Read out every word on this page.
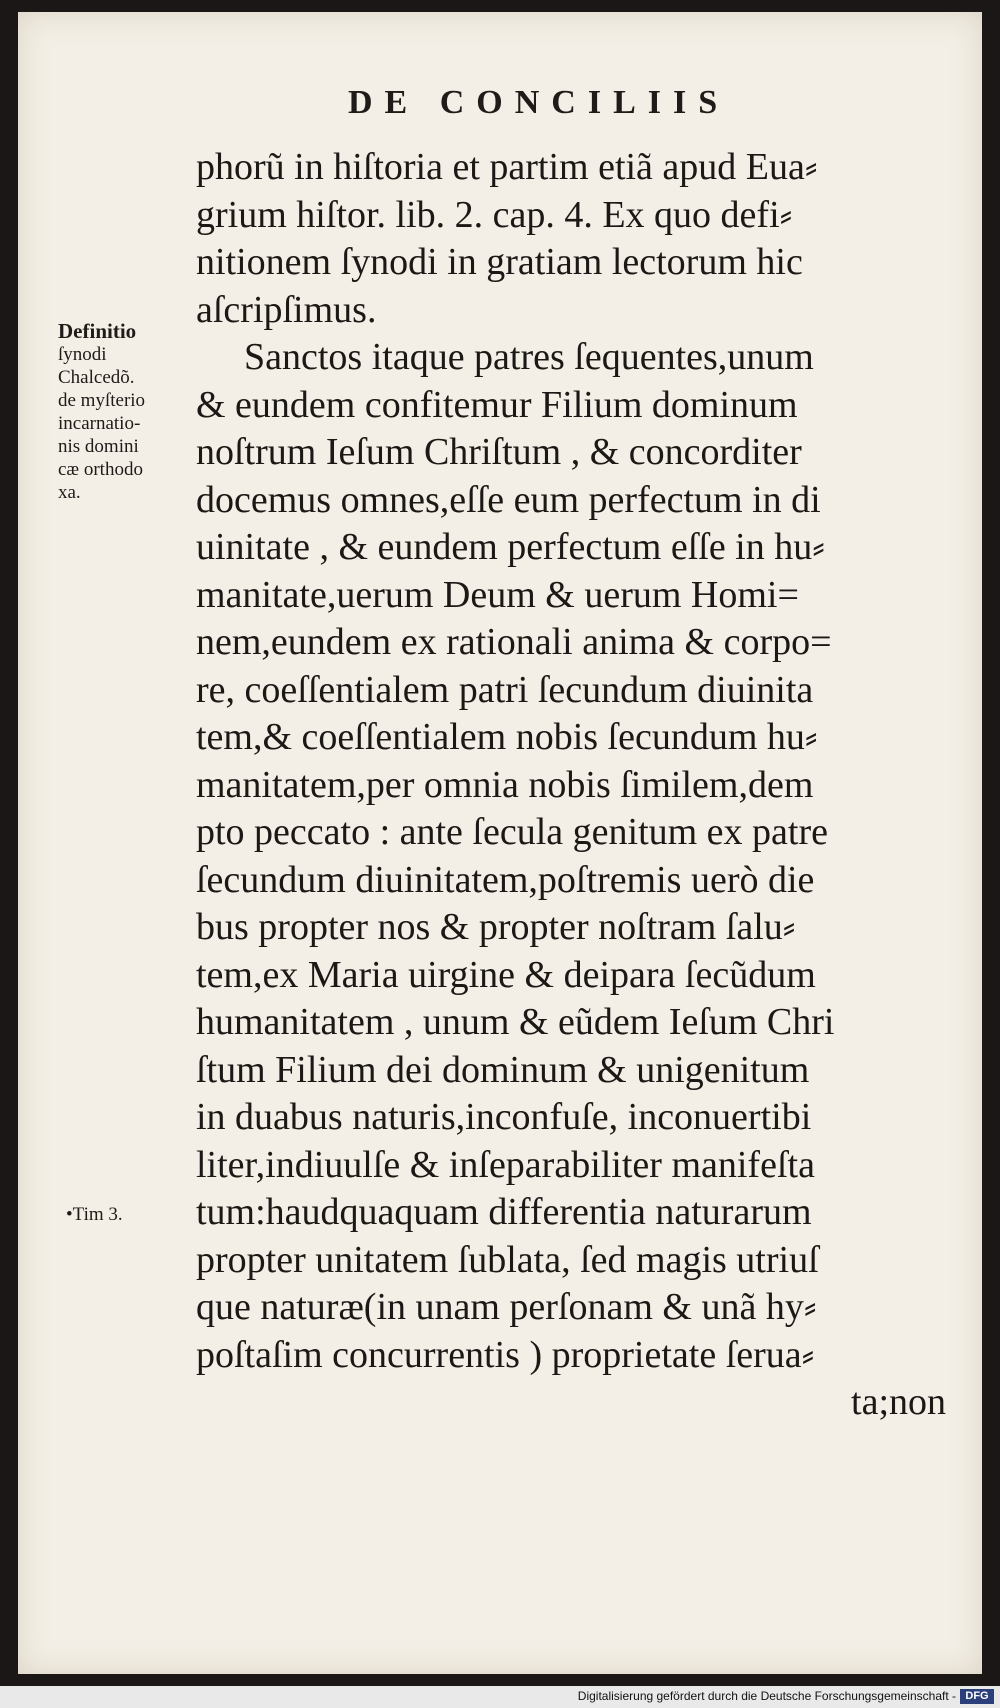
DE CONCILIIS
Definitio
ſynodi
Chalcedõ.
de myſterio
incarnatio-
nis domini
cæ orthodo
xa.
•Tim 3.
phorũ in hiſtoria et partim etiã apud Eua⸗
grium hiſtor. lib. 2. cap. 4. Ex quo defi⸗
nitionem ſynodi in gratiam lectorum hic
aſcripſimus.
Sanctos itaque patres ſequentes,unum
& eundem confitemur Filium dominum
noſtrum Ieſum Chriſtum , & concorditer
docemus omnes,eſſe eum perfectum in di
uinitate , & eundem perfectum eſſe in hu⸗
manitate,uerum Deum & uerum Homi=
nem,eundem ex rationali anima & corpo=
re, coeſſentialem patri ſecundum diuinita
tem,& coeſſentialem nobis ſecundum hu⸗
manitatem,per omnia nobis ſimilem,dem
pto peccato : ante ſecula genitum ex patre
ſecundum diuinitatem,poſtremis uerò die
bus propter nos & propter noſtram ſalu⸗
tem,ex Maria uirgine & deipara ſecũdum
humanitatem , unum & eũdem Ieſum Chri
ſtum Filium dei dominum & unigenitum
in duabus naturis,inconfuſe, inconuertibi
liter,indiuulſe & inſeparabiliter manifeſta
tum:haudquaquam differentia naturarum
propter unitatem ſublata, ſed magis utriuſ
que naturæ(in unam perſonam & unã hy⸗
poſtaſim concurrentis ) proprietate ſerua⸗
ta;non
Digitalisierung gefördert durch die Deutsche Forschungsgemeinschaft - DFG
